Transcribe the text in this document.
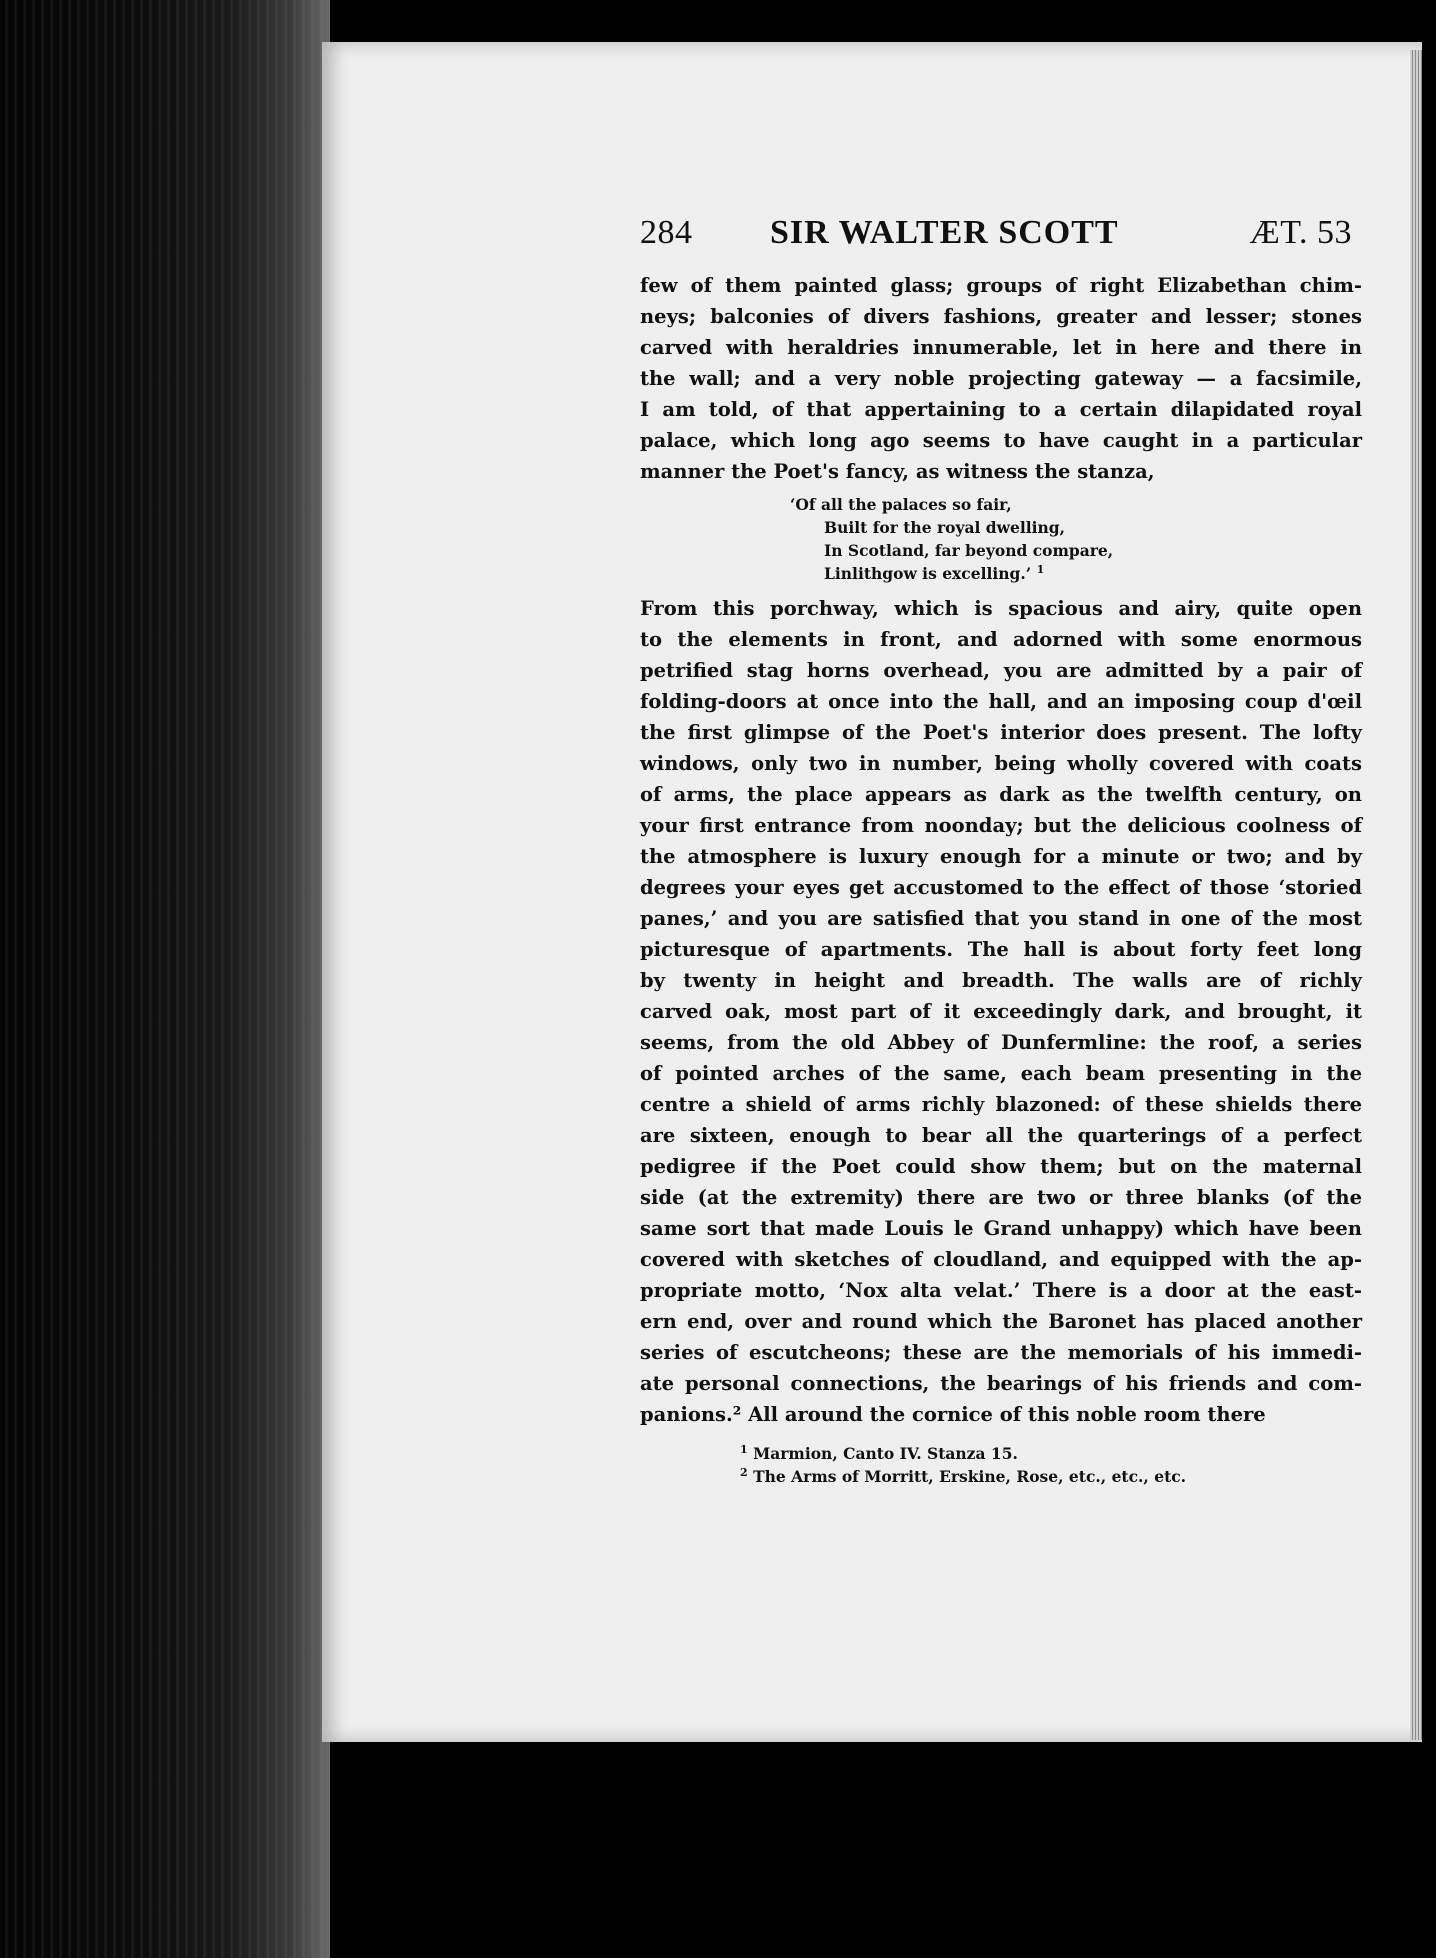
284 SIR WALTER SCOTT	ÆT. 53

few of them painted glass; groups of right Elizabethan chim-
neys; balconies of divers fashions, greater and lesser; stones
carved with heraldries innumerable, let in here and there in
the wall; and a very noble projecting gateway — a facsimile,
I am told, of that appertaining to a certain dilapidated royal
palace, which long ago seems to have caught in a particular
manner the Poet's fancy, as witness the stanza,

‘Of all the palaces so fair,
Built for the royal dwelling,
In Scotland, far beyond compare,
Linlithgow is excelling.’ $^1$

From this porchway, which is spacious and airy, quite open
to the elements in front, and adorned with some enormous
petrified stag horns overhead, you are admitted by a pair of
folding-doors at once into the hall, and an imposing coup d'œil
the first glimpse of the Poet's interior does present. The lofty
windows, only two in number, being wholly covered with coats
of arms, the place appears as dark as the twelfth century, on
your first entrance from noonday; but the delicious coolness of
the atmosphere is luxury enough for a minute or two; and by
degrees your eyes get accustomed to the effect of those ‘storied
panes,’ and you are satisfied that you stand in one of the most
picturesque of apartments. The hall is about forty feet long
by twenty in height and breadth. The walls are of richly
carved oak, most part of it exceedingly dark, and brought, it
seems, from the old Abbey of Dunfermline: the roof, a series
of pointed arches of the same, each beam presenting in the
centre a shield of arms richly blazoned: of these shields there
are sixteen, enough to bear all the quarterings of a perfect
pedigree if the Poet could show them; but on the maternal
side (at the extremity) there are two or three blanks (of the
same sort that made Louis le Grand unhappy) which have been
covered with sketches of cloudland, and equipped with the ap-
propriate motto, ‘Nox alta velat.’ There is a door at the east-
ern end, over and round which the Baronet has placed another
series of escutcheons; these are the memorials of his immedi-
ate personal connections, the bearings of his friends and com-
panions.² All around the cornice of this noble room there

$^1$ Marmion, Canto IV. Stanza 15.
$^2$ The Arms of Morritt, Erskine, Rose, etc., etc., etc.
